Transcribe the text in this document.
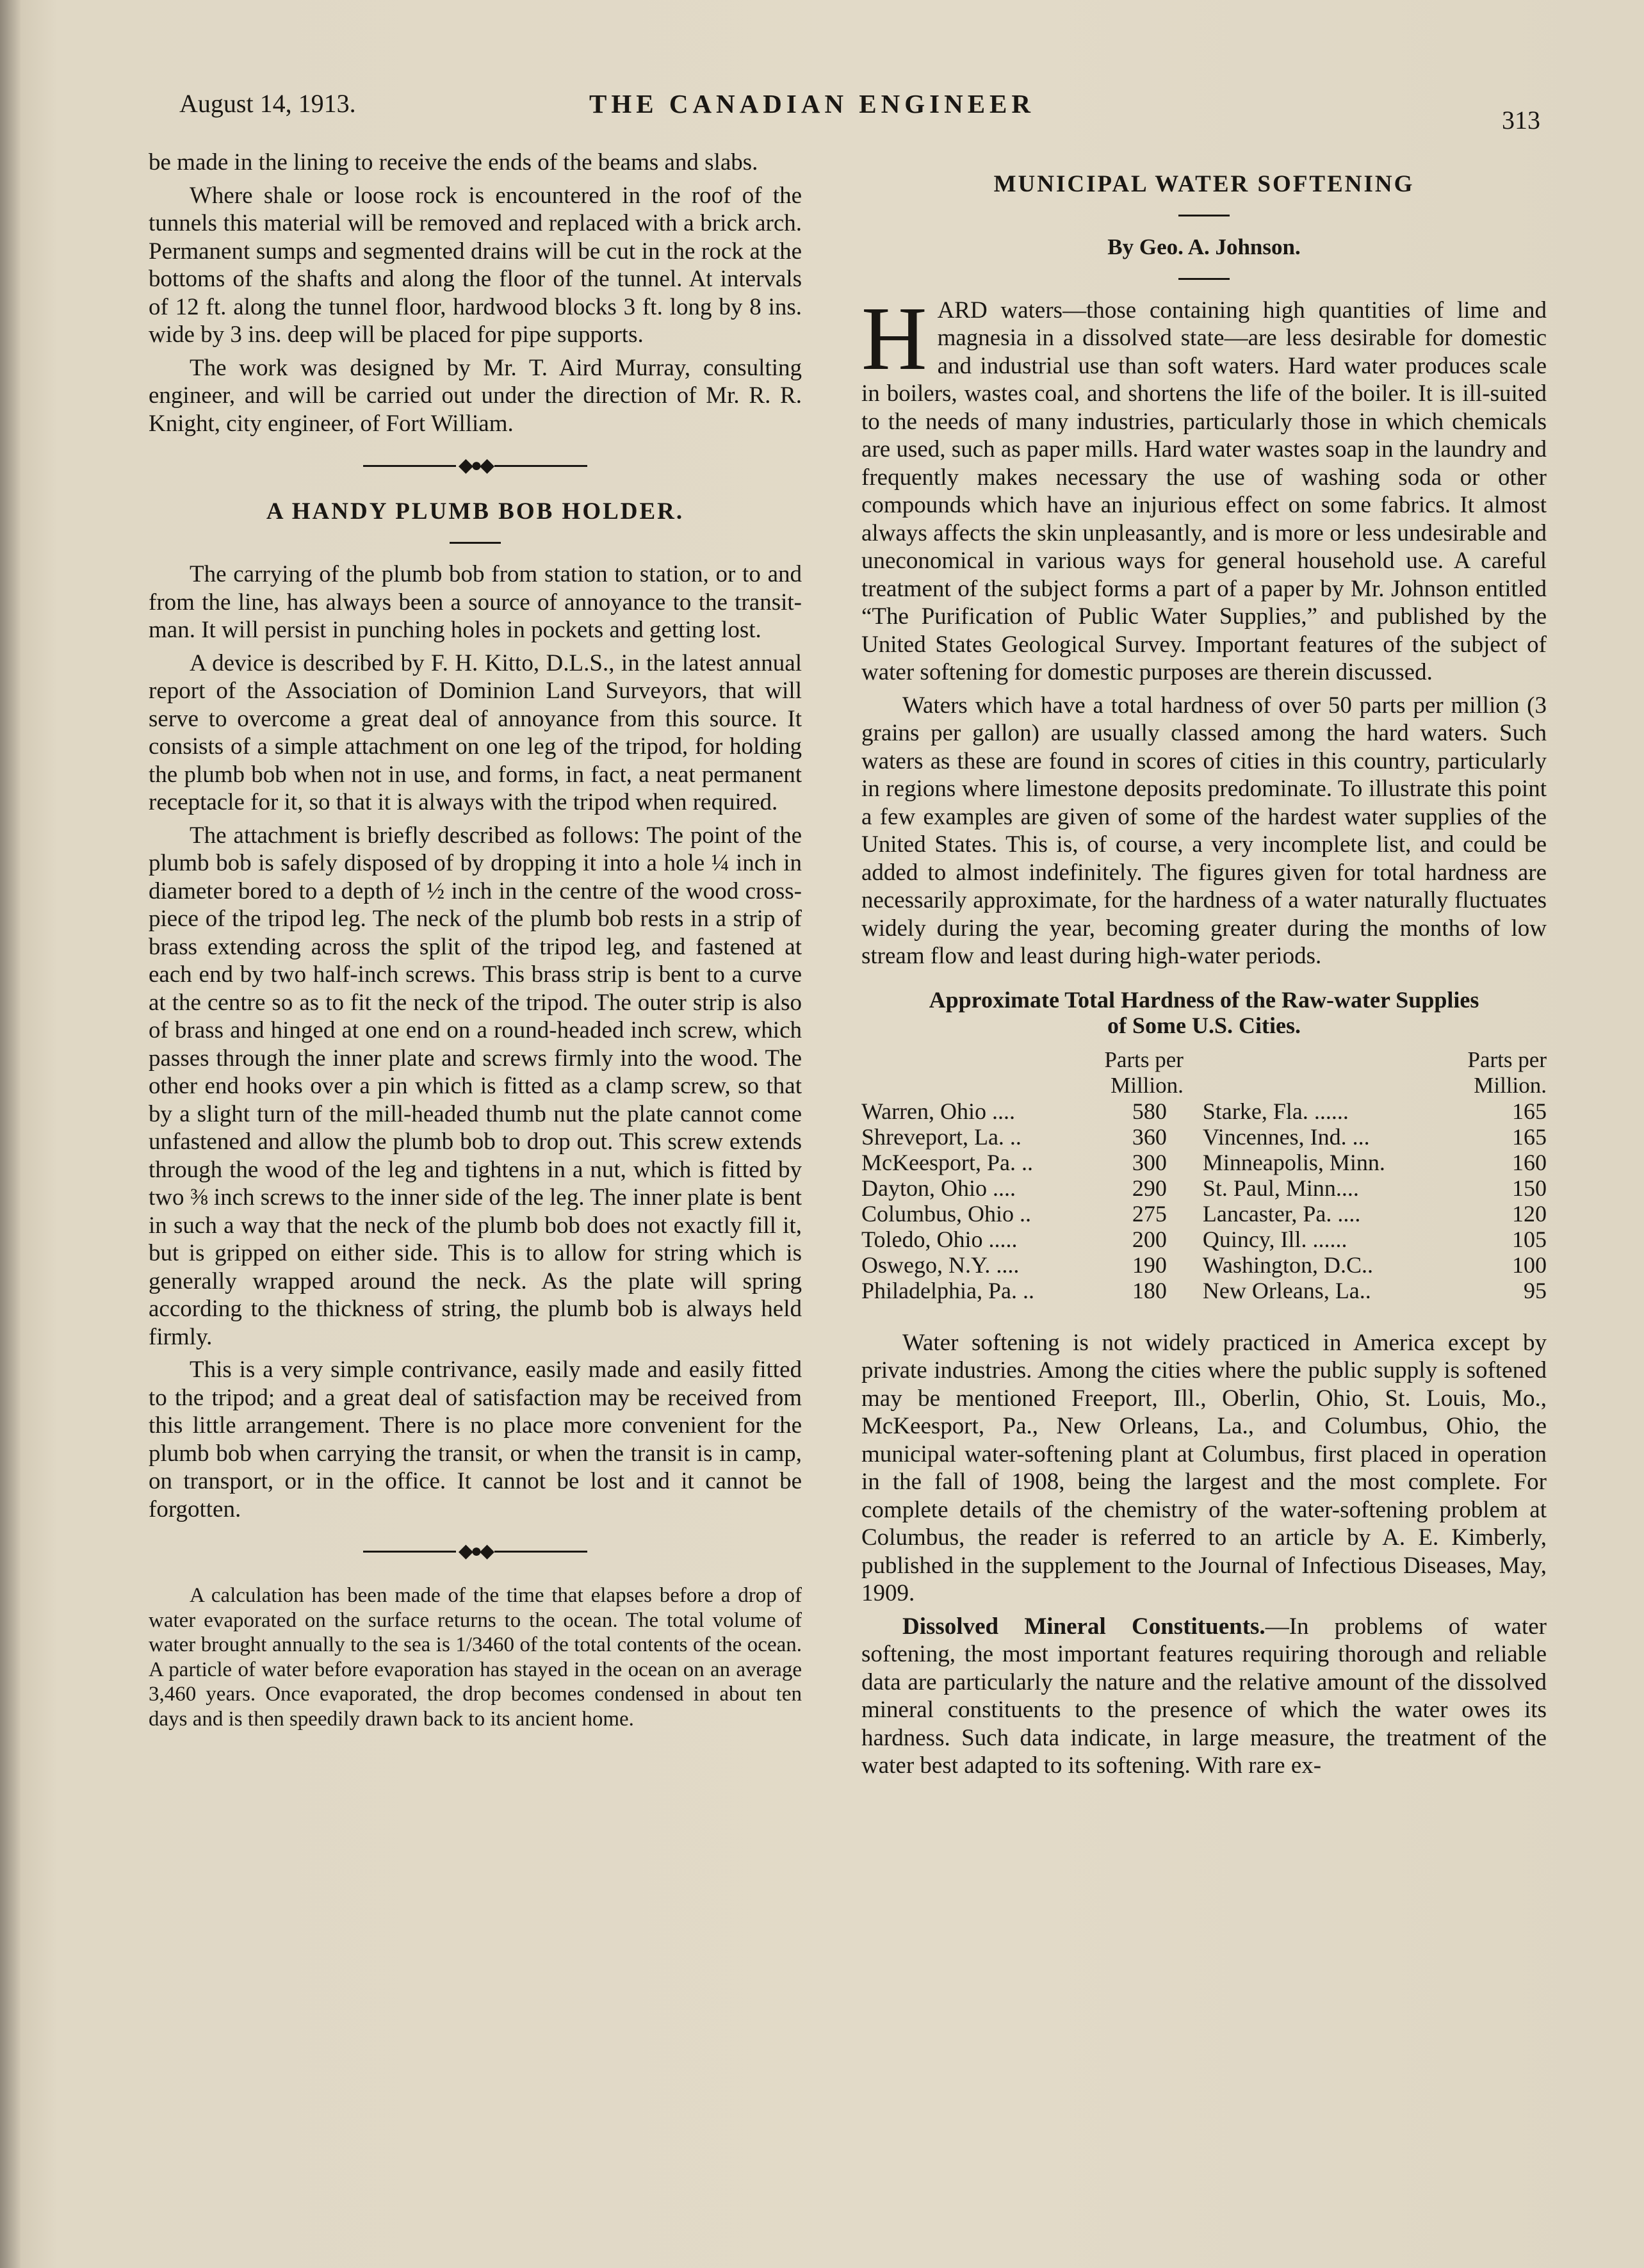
August 14, 1913.	THE CANADIAN ENGINEER
313

be made in the lining to receive the ends of the beams and slabs.

Where shale or loose rock is encountered in the roof of the tunnels this material will be removed and replaced with a brick arch. Permanent sumps and segmented drains will be cut in the rock at the bottoms of the shafts and along the floor of the tunnel. At intervals of 12 ft. along the tunnel floor, hardwood blocks 3 ft. long by 8 ins. wide by 3 ins. deep will be placed for pipe supports.

The work was designed by Mr. T. Aird Murray, consulting engineer, and will be carried out under the direction of Mr. R. R. Knight, city engineer, of Fort William.

◆●◆
A HANDY PLUMB BOB HOLDER.

The carrying of the plumb bob from station to station, or to and from the line, has always been a source of annoyance to the transit-man. It will persist in punching holes in pockets and getting lost.

A device is described by F. H. Kitto, D.L.S., in the latest annual report of the Association of Dominion Land Surveyors, that will serve to overcome a great deal of annoyance from this source. It consists of a simple attachment on one leg of the tripod, for holding the plumb bob when not in use, and forms, in fact, a neat permanent receptacle for it, so that it is always with the tripod when required.

The attachment is briefly described as follows: The point of the plumb bob is safely disposed of by dropping it into a hole ¼ inch in diameter bored to a depth of ½ inch in the centre of the wood cross-piece of the tripod leg. The neck of the plumb bob rests in a strip of brass extending across the split of the tripod leg, and fastened at each end by two half-inch screws. This brass strip is bent to a curve at the centre so as to fit the neck of the tripod. The outer strip is also of brass and hinged at one end on a round-headed inch screw, which passes through the inner plate and screws firmly into the wood. The other end hooks over a pin which is fitted as a clamp screw, so that by a slight turn of the mill-headed thumb nut the plate cannot come unfastened and allow the plumb bob to drop out. This screw extends through the wood of the leg and tightens in a nut, which is fitted by two ⅜ inch screws to the inner side of the leg. The inner plate is bent in such a way that the neck of the plumb bob does not exactly fill it, but is gripped on either side. This is to allow for string which is generally wrapped around the neck. As the plate will spring according to the thickness of string, the plumb bob is always held firmly.

This is a very simple contrivance, easily made and easily fitted to the tripod; and a great deal of satisfaction may be received from this little arrangement. There is no place more convenient for the plumb bob when carrying the transit, or when the transit is in camp, on transport, or in the office. It cannot be lost and it cannot be forgotten.

◆●◆

A calculation has been made of the time that elapses before a drop of water evaporated on the surface returns to the ocean. The total volume of water brought annually to the sea is 1/3460 of the total contents of the ocean. A particle of water before evaporation has stayed in the ocean on an average 3,460 years. Once evaporated, the drop becomes condensed in about ten days and is then speedily drawn back to its ancient home.

MUNICIPAL WATER SOFTENING

By Geo. A. Johnson.

H ARD waters—those containing high quantities of lime and magnesia in a dissolved state—are less desirable for domestic and industrial use than soft waters. Hard water produces scale in boilers, wastes coal, and shortens the life of the boiler. It is ill-suited to the needs of many industries, particularly those in which chemicals are used, such as paper mills. Hard water wastes soap in the laundry and frequently makes necessary the use of washing soda or other compounds which have an injurious effect on some fabrics. It almost always affects the skin unpleasantly, and is more or less undesirable and uneconomical in various ways for general household use. A careful treatment of the subject forms a part of a paper by Mr. Johnson entitled “The Purification of Public Water Supplies,” and published by the United States Geological Survey. Important features of the subject of water softening for domestic purposes are therein discussed.

Waters which have a total hardness of over 50 parts per million (3 grains per gallon) are usually classed among the hard waters. Such waters as these are found in scores of cities in this country, particularly in regions where limestone deposits predominate. To illustrate this point a few examples are given of some of the hardest water supplies of the United States. This is, of course, a very incomplete list, and could be added to almost indefinitely. The figures given for total hardness are necessarily approximate, for the hardness of a water naturally fluctuates widely during the year, becoming greater during the months of low stream flow and least during high-water periods.

Approximate Total Hardness of the Raw-water Supplies
of Some U.S. Cities.

	Parts per		Parts per

	Million.		Million.
Warren, Ohio ....	580	Starke, Fla. ......	165
Shreveport, La. ..	360	Vincennes, Ind. ...	165
McKeesport, Pa. ..	300	Minneapolis, Minn.	160
Dayton, Ohio ....	290	St. Paul, Minn....	150
Columbus, Ohio ..	275	Lancaster, Pa. ....	120
Toledo, Ohio .....	200	Quincy, Ill. ......	105
Oswego, N.Y. ....	190	Washington, D.C..	100
Philadelphia, Pa. ..	180	New Orleans, La..	95

Water softening is not widely practiced in America except by private industries. Among the cities where the public supply is softened may be mentioned Freeport, Ill., Oberlin, Ohio, St. Louis, Mo., McKeesport, Pa., New Orleans, La., and Columbus, Ohio, the municipal water-softening plant at Columbus, first placed in operation in the fall of 1908, being the largest and the most complete. For complete details of the chemistry of the water-softening problem at Columbus, the reader is referred to an article by A. E. Kimberly, published in the supplement to the Journal of Infectious Diseases, May, 1909.

Dissolved Mineral Constituents.—In problems of water softening, the most important features requiring thorough and reliable data are particularly the nature and the relative amount of the dissolved mineral constituents to the presence of which the water owes its hardness. Such data indicate, in large measure, the treatment of the water best adapted to its softening. With rare ex-
